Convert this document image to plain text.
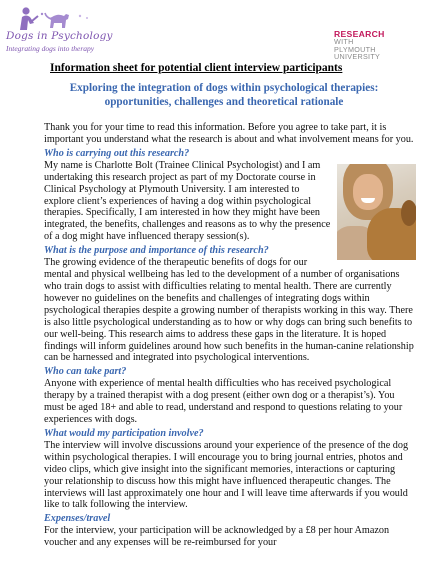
Dogs in Psychology
Integrating dogs into therapy
RESEARCH
WITH
PLYMOUTH
UNIVERSITY
Information sheet for potential client interview participants
Exploring the integration of dogs within psychological therapies: opportunities, challenges and theoretical rationale

Thank you for your time to read this information. Before you agree to take part, it is important you understand what the research is about and what involvement means for you.

Who is carrying out this research?

My name is Charlotte Bolt (Trainee Clinical Psychologist) and I am undertaking this research project as part of my Doctorate course in Clinical Psychology at Plymouth University. I am interested to explore client’s experiences of having a dog within psychological therapies. Specifically, I am interested in how they might have been integrated, the benefits, challenges and reasons as to why the presence of a dog might have influenced therapy session(s).

What is the purpose and importance of this research?

The growing evidence of the therapeutic benefits of dogs for our mental and physical wellbeing has led to the development of a number of organisations who train dogs to assist with difficulties relating to mental health. There are currently however no guidelines on the benefits and challenges of integrating dogs within psychological therapies despite a growing number of therapists working in this way. There is also little psychological understanding as to how or why dogs can bring such benefits to our well-being. This research aims to address these gaps in the literature. It is hoped findings will inform guidelines around how such benefits in the human-canine relationship can be harnessed and integrated into psychological interventions.

Who can take part?

Anyone with experience of mental health difficulties who has received psychological therapy by a trained therapist with a dog present (either own dog or a therapist’s). You must be aged 18+ and able to read, understand and respond to questions relating to your experiences with dogs.

What would my participation involve?

The interview will involve discussions around your experience of the presence of the dog within psychological therapies. I will encourage you to bring journal entries, photos and video clips, which give insight into the significant memories, interactions or capturing your relationship to discuss how this might have influenced therapeutic changes. The interviews will last approximately one hour and I will leave time afterwards if you would like to talk following the interview.

Expenses/travel

For the interview, your participation will be acknowledged by a £8 per hour Amazon voucher and any expenses will be re-reimbursed for your
